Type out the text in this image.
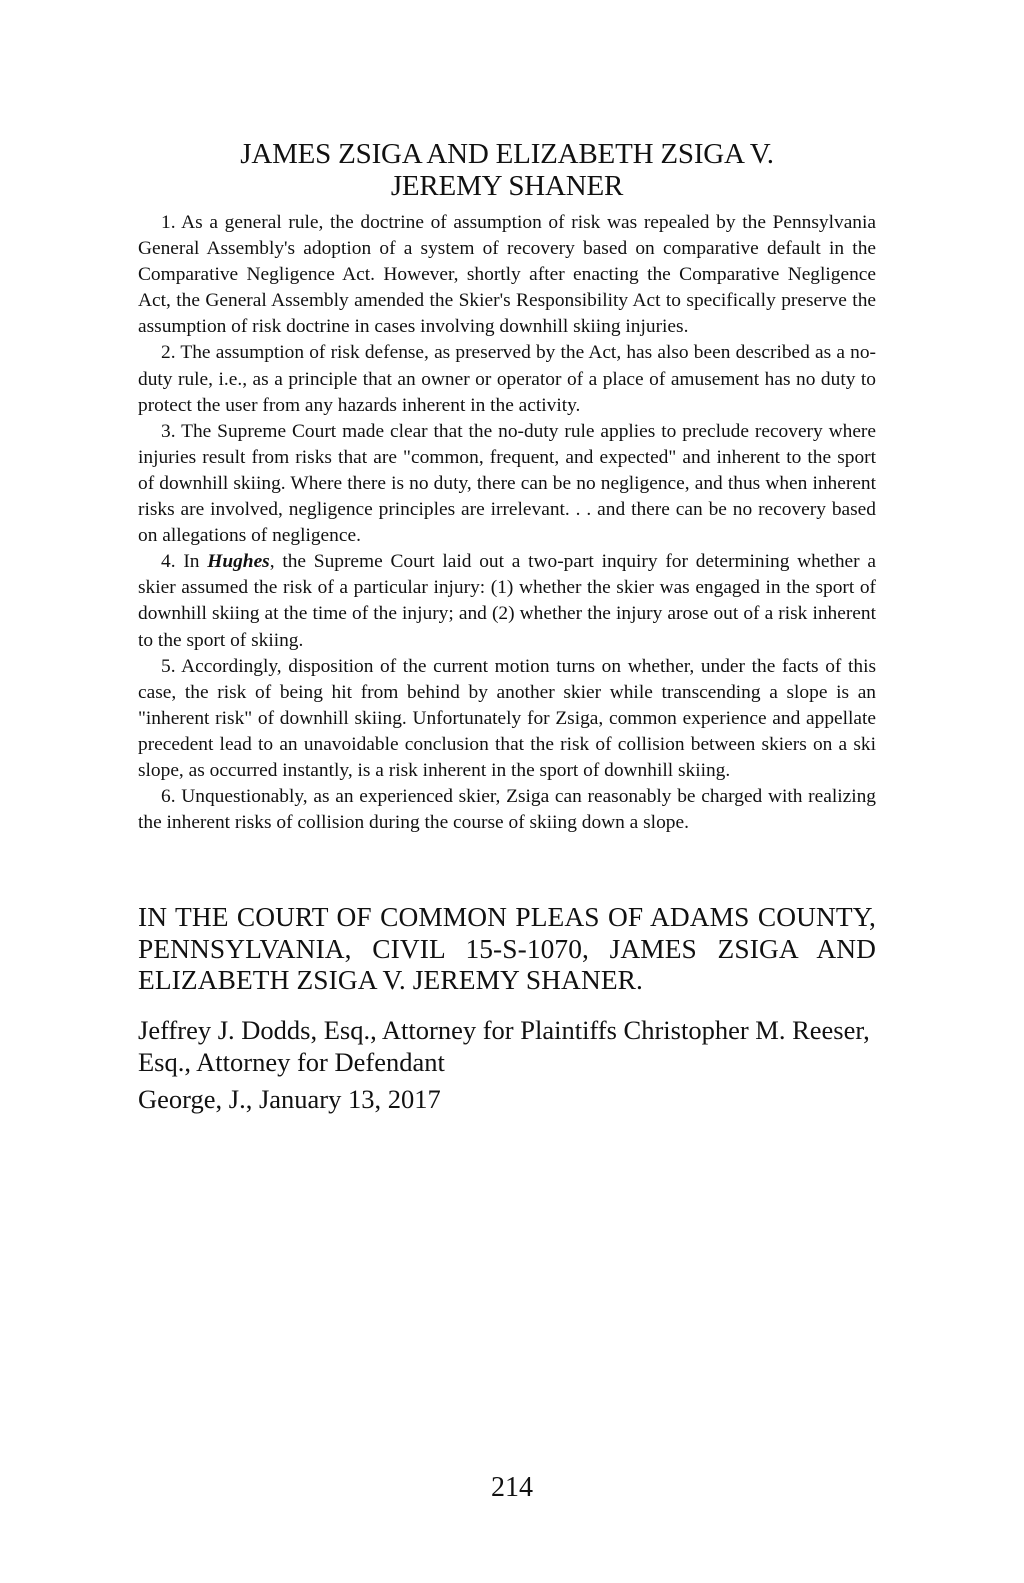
JAMES ZSIGA AND ELIZABETH ZSIGA V.
JEREMY SHANER

1. As a general rule, the doctrine of assumption of risk was repealed by the Pennsylvania General Assembly's adoption of a system of recovery based on comparative default in the Comparative Negligence Act. However, shortly after enacting the Comparative Negligence Act, the General Assembly amended the Skier's Responsibility Act to specifically preserve the assumption of risk doctrine in cases involving downhill skiing injuries.

2. The assumption of risk defense, as preserved by the Act, has also been described as a no-duty rule, i.e., as a principle that an owner or operator of a place of amusement has no duty to protect the user from any hazards inherent in the activity.

3. The Supreme Court made clear that the no-duty rule applies to preclude recovery where injuries result from risks that are "common, frequent, and expected" and inherent to the sport of downhill skiing. Where there is no duty, there can be no negligence, and thus when inherent risks are involved, negligence principles are irrelevant. . . and there can be no recovery based on allegations of negligence.

4. In Hughes, the Supreme Court laid out a two-part inquiry for determining whether a skier assumed the risk of a particular injury: (1) whether the skier was engaged in the sport of downhill skiing at the time of the injury; and (2) whether the injury arose out of a risk inherent to the sport of skiing.

5. Accordingly, disposition of the current motion turns on whether, under the facts of this case, the risk of being hit from behind by another skier while transcending a slope is an "inherent risk" of downhill skiing. Unfortunately for Zsiga, common experience and appellate precedent lead to an unavoidable conclusion that the risk of collision between skiers on a ski slope, as occurred instantly, is a risk inherent in the sport of downhill skiing.

6. Unquestionably, as an experienced skier, Zsiga can reasonably be charged with realizing the inherent risks of collision during the course of skiing down a slope.

IN THE COURT OF COMMON PLEAS OF ADAMS COUNTY, PENNSYLVANIA, CIVIL 15-S-1070, JAMES ZSIGA AND ELIZABETH ZSIGA V. JEREMY SHANER.
Jeffrey J. Dodds, Esq., Attorney for Plaintiffs Christopher M. Reeser, Esq., Attorney for Defendant
George, J., January 13, 2017
214
